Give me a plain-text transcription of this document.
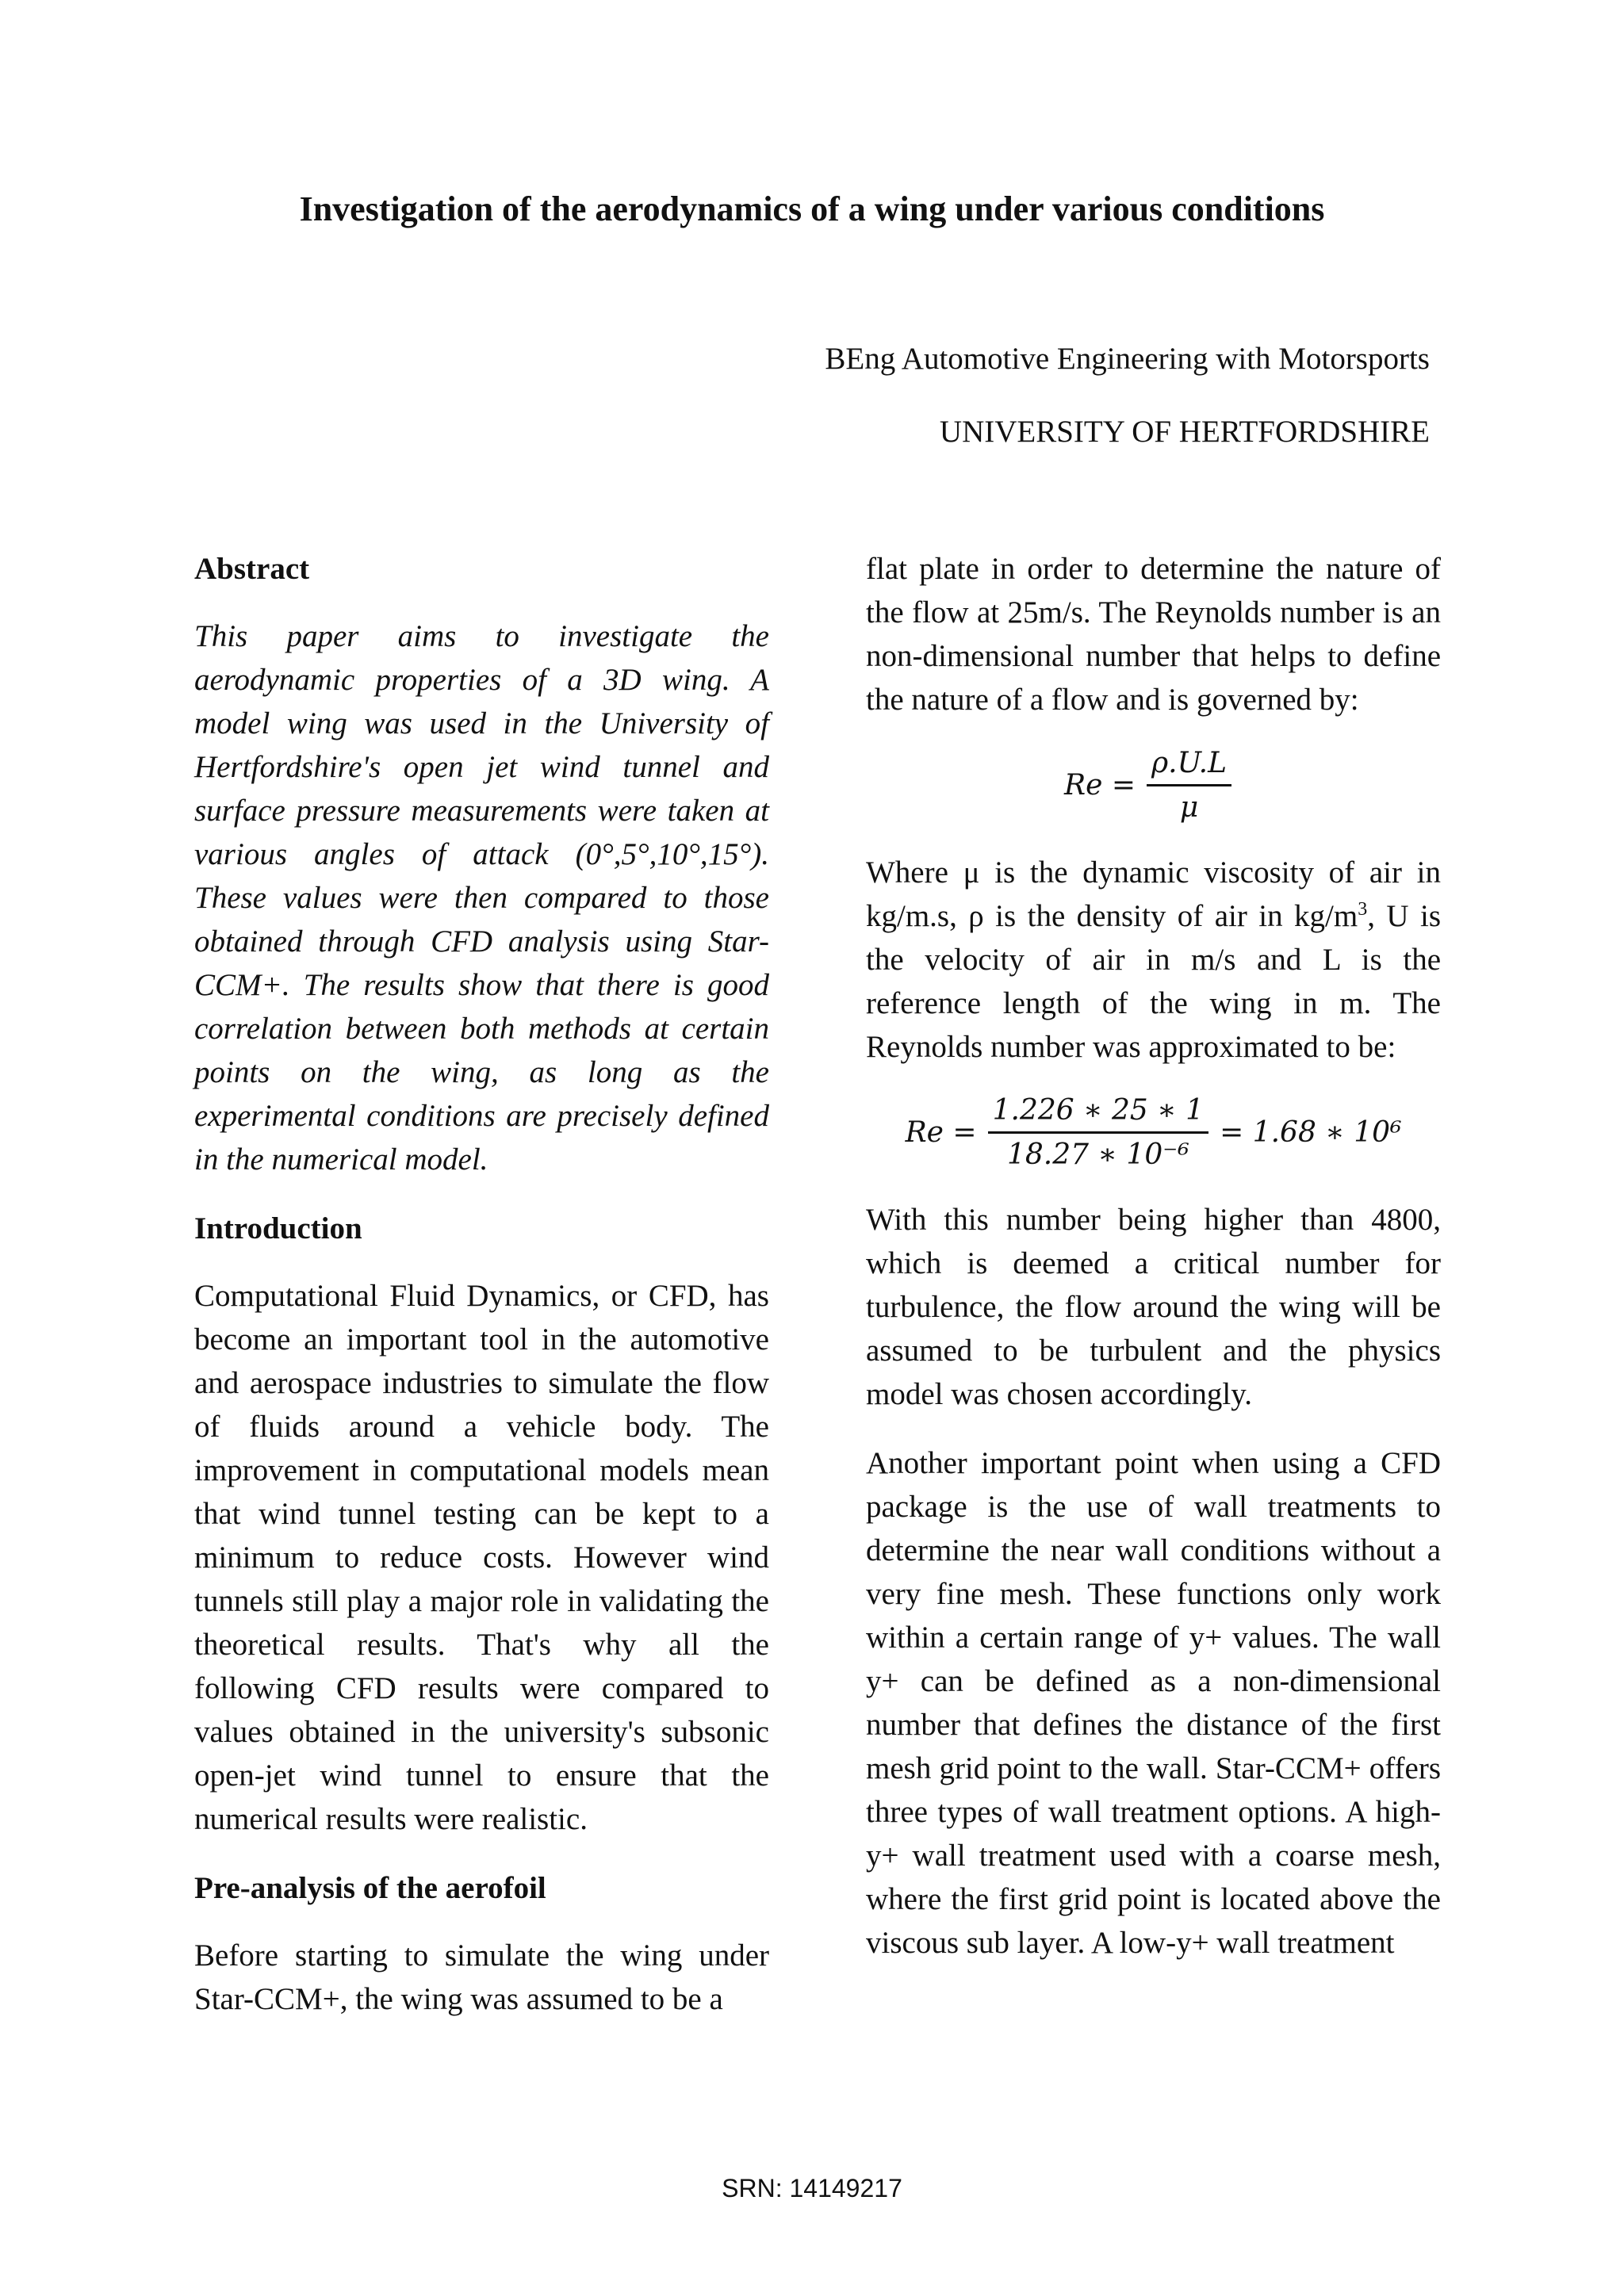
Investigation of the aerodynamics of a wing under various conditions
BEng Automotive Engineering with Motorsports
UNIVERSITY OF HERTFORDSHIRE
Abstract

This paper aims to investigate the aerodynamic properties of a 3D wing. A model wing was used in the University of Hertfordshire's open jet wind tunnel and surface pressure measurements were taken at various angles of attack (0°,5°,10°,15°). These values were then compared to those obtained through CFD analysis using Star-CCM+. The results show that there is good correlation between both methods at certain points on the wing, as long as the experimental conditions are precisely defined in the numerical model.

Introduction

Computational Fluid Dynamics, or CFD, has become an important tool in the automotive and aerospace industries to simulate the flow of fluids around a vehicle body. The improvement in computational models mean that wind tunnel testing can be kept to a minimum to reduce costs. However wind tunnels still play a major role in validating the theoretical results. That's why all the following CFD results were compared to values obtained in the university's subsonic open-jet wind tunnel to ensure that the numerical results were realistic.

Pre-analysis of the aerofoil

Before starting to simulate the wing under Star-CCM+, the wing was assumed to be a

flat plate in order to determine the nature of the flow at 25m/s. The Reynolds number is an non-dimensional number that helps to define the nature of a flow and is governed by:

$Re = \frac{\rho.U.L}{\mu}$

Where μ is the dynamic viscosity of air in kg/m.s, ρ is the density of air in $kg/m^3$, U is the velocity of air in m/s and L is the reference length of the wing in m. The Reynolds number was approximated to be:

$Re = \frac{1.226 ∗ 25 ∗ 1}{\text{18.27 ∗ 10⁻⁶}} = 1.68$ ∗ 10⁶

With this number being higher than 4800, which is deemed a critical number for turbulence, the flow around the wing will be assumed to be turbulent and the physics model was chosen accordingly.

Another important point when using a CFD package is the use of wall treatments to determine the near wall conditions without a very fine mesh. These functions only work within a certain range of y+ values. The wall y+ can be defined as a non-dimensional number that defines the distance of the first mesh grid point to the wall. Star-CCM+ offers three types of wall treatment options. A high-y+ wall treatment used with a coarse mesh, where the first grid point is located above the viscous sub layer. A low-y+ wall treatment

SRN: 14149217
